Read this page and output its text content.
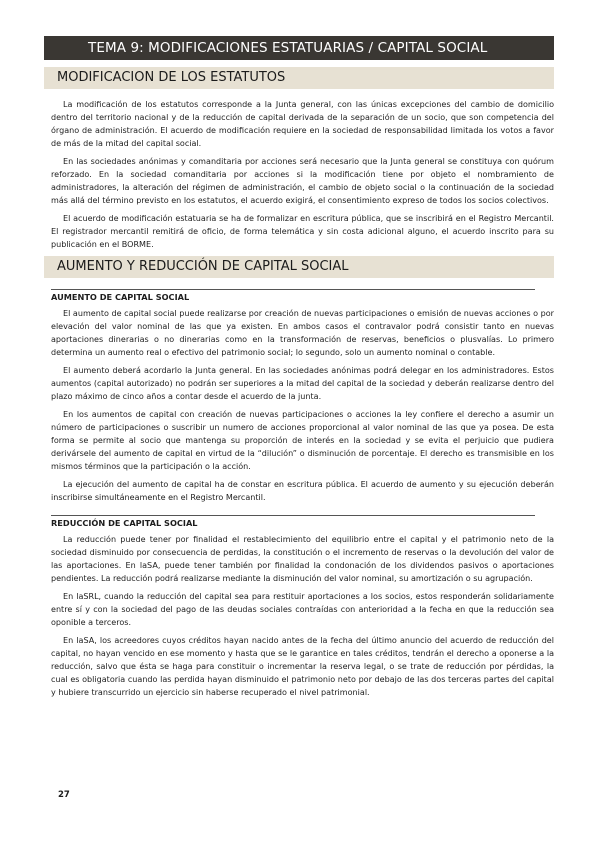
TEMA 9: MODIFICACIONES ESTATUARIAS / CAPITAL SOCIAL
MODIFICACION DE LOS ESTATUTOS

La modificación de los estatutos corresponde a la Junta general, con las únicas excepciones del cambio de domicilio dentro del territorio nacional y de la reducción de capital derivada de la separación de un socio, que son competencia del órgano de administración. El acuerdo de modificación requiere en la sociedad de responsabilidad limitada los votos a favor de más de la mitad del capital social.

En las sociedades anónimas y comanditaria por acciones será necesario que la Junta general se constituya con quórum reforzado. En la sociedad comanditaria por acciones si la modificación tiene por objeto el nombramiento de administradores, la alteración del régimen de administración, el cambio de objeto social o la continuación de la sociedad más allá del término previsto en los estatutos, el acuerdo exigirá, el consentimiento expreso de todos los socios colectivos.

El acuerdo de modificación estatuaria se ha de formalizar en escritura pública, que se inscribirá en el Registro Mercantil. El registrador mercantil remitirá de oficio, de forma telemática y sin costa adicional alguno, el acuerdo inscrito para su publicación en el BORME.

AUMENTO Y REDUCCIÓN DE CAPITAL SOCIAL
AUMENTO DE CAPITAL SOCIAL

El aumento de capital social puede realizarse por creación de nuevas participaciones o emisión de nuevas acciones o por elevación del valor nominal de las que ya existen. En ambos casos el contravalor podrá consistir tanto en nuevas aportaciones dinerarias o no dinerarias como en la transformación de reservas, beneficios o plusvalías. Lo primero determina un aumento real o efectivo del patrimonio social; lo segundo, solo un aumento nominal o contable.

El aumento deberá acordarlo la Junta general. En las sociedades anónimas podrá delegar en los administradores. Estos aumentos (capital autorizado) no podrán ser superiores a la mitad del capital de la sociedad y deberán realizarse dentro del plazo máximo de cinco años a contar desde el acuerdo de la junta.

En los aumentos de capital con creación de nuevas participaciones o acciones la ley confiere el derecho a asumir un número de participaciones o suscribir un numero de acciones proporcional al valor nominal de las que ya posea. De esta forma se permite al socio que mantenga su proporción de interés en la sociedad y se evita el perjuicio que pudiera derivársele del aumento de capital en virtud de la “dilución” o disminución de porcentaje. El derecho es transmisible en los mismos términos que la participación o la acción.

La ejecución del aumento de capital ha de constar en escritura pública. El acuerdo de aumento y su ejecución deberán inscribirse simultáneamente en el Registro Mercantil.

REDUCCIÓN DE CAPITAL SOCIAL

La reducción puede tener por finalidad el restablecimiento del equilibrio entre el capital y el patrimonio neto de la sociedad disminuido por consecuencia de perdidas, la constitución o el incremento de reservas o la devolución del valor de las aportaciones. En laSA, puede tener también por finalidad la condonación de los dividendos pasivos o aportaciones pendientes. La reducción podrá realizarse mediante la disminución del valor nominal, su amortización o su agrupación.

En laSRL, cuando la reducción del capital sea para restituir aportaciones a los socios, estos responderán solidariamente entre sí y con la sociedad del pago de las deudas sociales contraídas con anterioridad a la fecha en que la reducción sea oponible a terceros.

En laSA, los acreedores cuyos créditos hayan nacido antes de la fecha del último anuncio del acuerdo de reducción del capital, no hayan vencido en ese momento y hasta que se le garantice en tales créditos, tendrán el derecho a oponerse a la reducción, salvo que ésta se haga para constituir o incrementar la reserva legal, o se trate de reducción por pérdidas, la cual es obligatoria cuando las perdida hayan disminuido el patrimonio neto por debajo de las dos terceras partes del capital y hubiere transcurrido un ejercicio sin haberse recuperado el nivel patrimonial.

27
